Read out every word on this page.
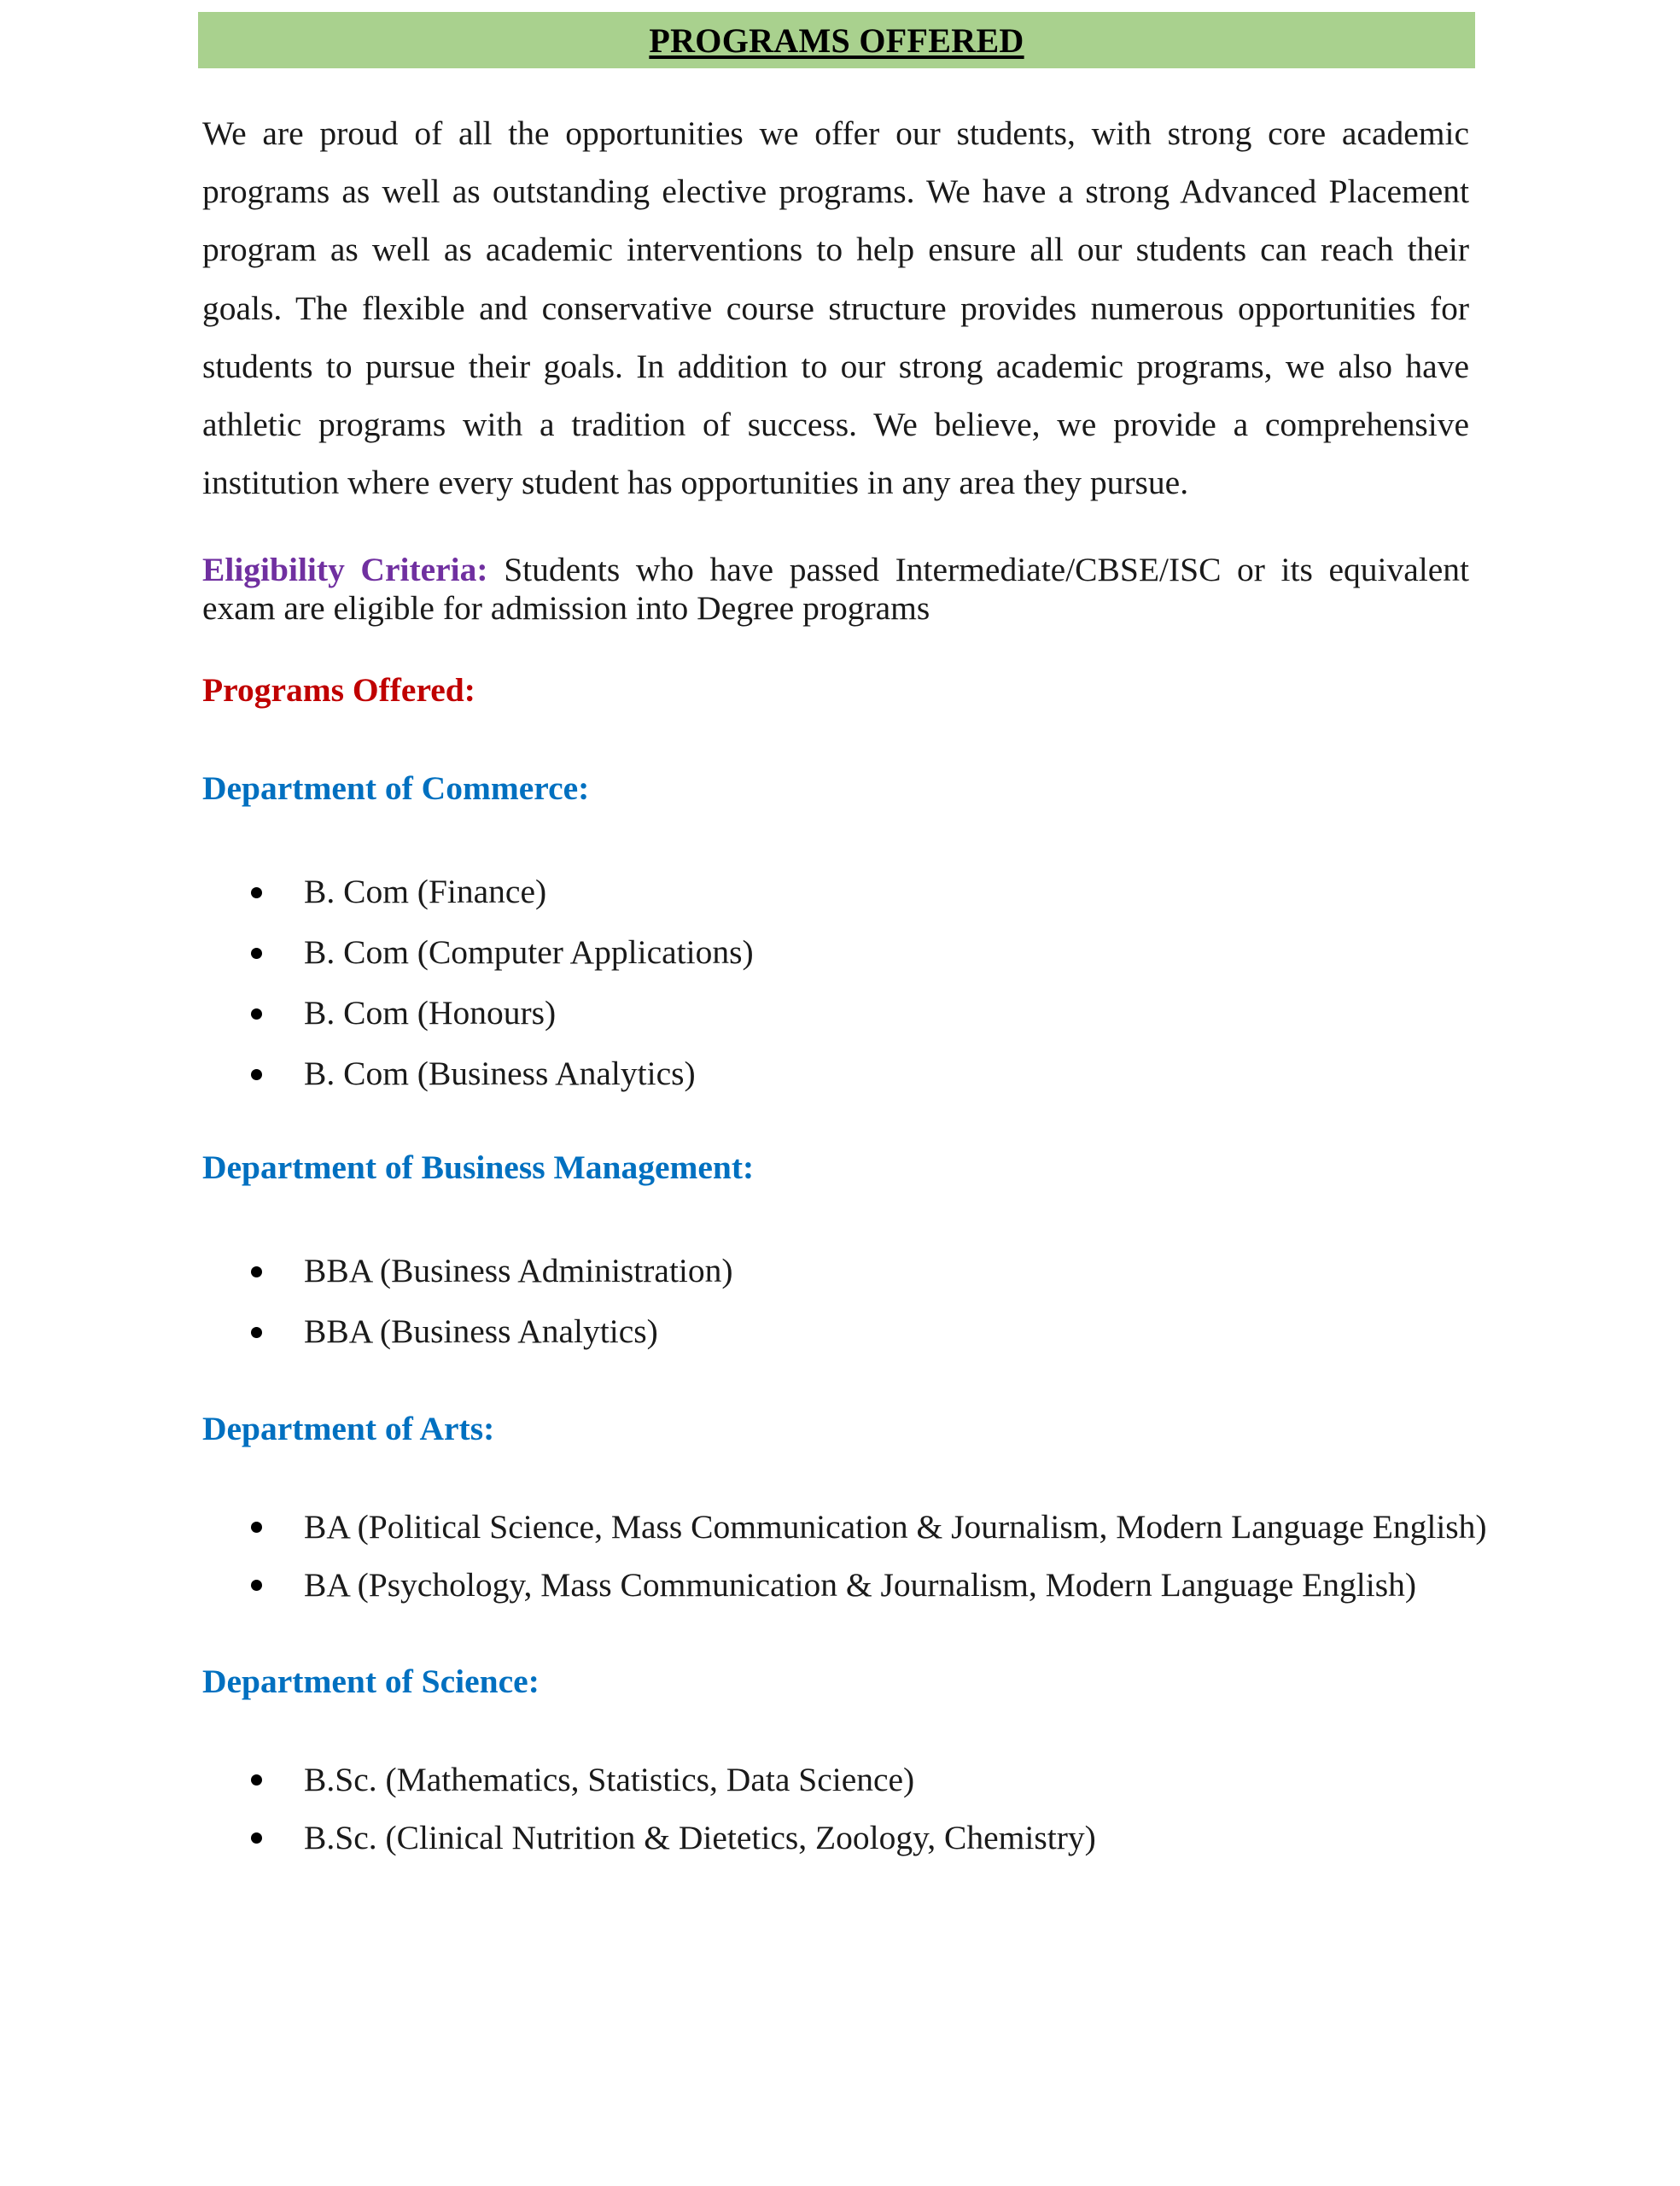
PROGRAMS OFFERED

We are proud of all the opportunities we offer our students, with strong core academic programs as well as outstanding elective programs. We have a strong Advanced Placement program as well as academic interventions to help ensure all our students can reach their goals. The flexible and conservative course structure provides numerous opportunities for students to pursue their goals. In addition to our strong academic programs, we also have athletic programs with a tradition of success. We believe, we provide a comprehensive institution where every student has opportunities in any area they pursue.

Eligibility Criteria: Students who have passed Intermediate/CBSE/ISC or its equivalent exam are eligible for admission into Degree programs

Programs Offered:
Department of Commerce:
B. Com (Finance)
B. Com (Computer Applications)
B. Com (Honours)
B. Com (Business Analytics)
Department of Business Management:
BBA (Business Administration)
BBA (Business Analytics)
Department of Arts:
BA (Political Science, Mass Communication & Journalism, Modern Language English)
BA (Psychology, Mass Communication & Journalism, Modern Language English)
Department of Science:
B.Sc. (Mathematics, Statistics, Data Science)
B.Sc. (Clinical Nutrition & Dietetics, Zoology, Chemistry)
